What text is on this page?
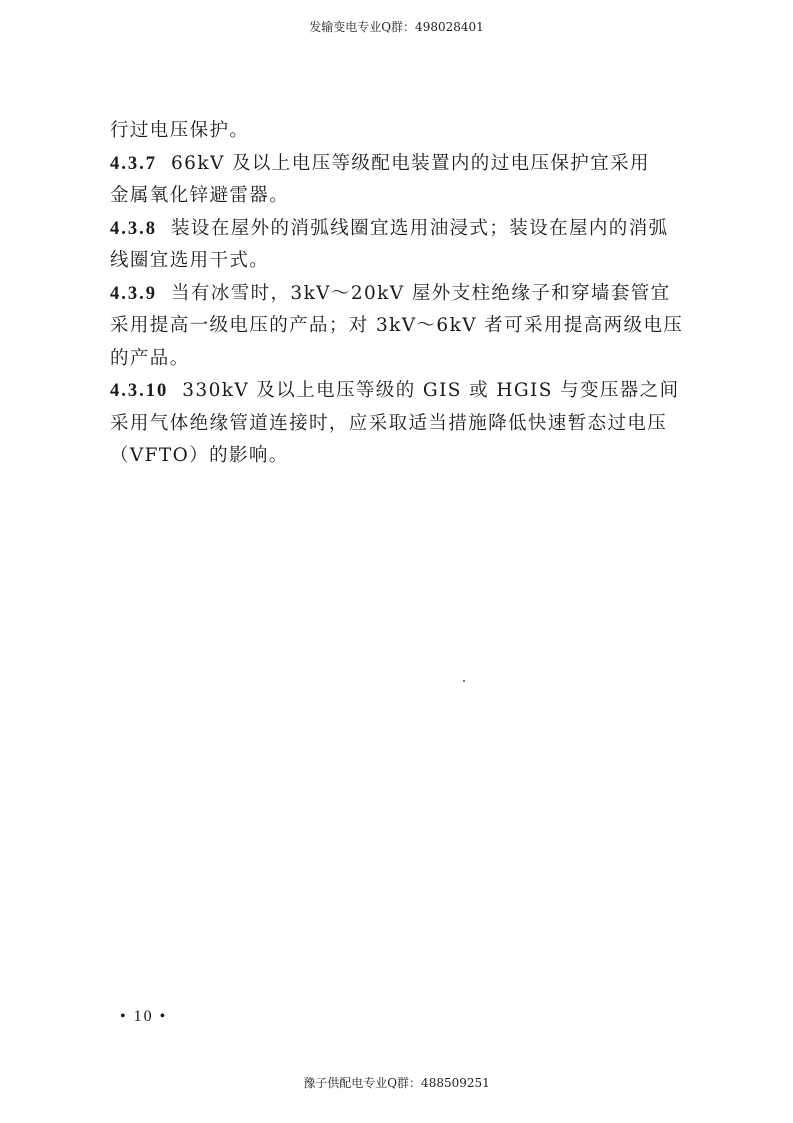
发输变电专业Q群：498028401
行过电压保护。
4.3.7 66kV 及以上电压等级配电装置内的过电压保护宜采用
金属氧化锌避雷器。
4.3.8 装设在屋外的消弧线圈宜选用油浸式；装设在屋内的消弧
线圈宜选用干式。
4.3.9 当有冰雪时，3kV～20kV 屋外支柱绝缘子和穿墙套管宜
采用提高一级电压的产品；对 3kV～6kV 者可采用提高两级电压
的产品。
4.3.10 330kV 及以上电压等级的 GIS 或 HGIS 与变压器之间
采用气体绝缘管道连接时，应采取适当措施降低快速暂态过电压
（VFTO）的影响。
• 10 •
豫子供配电专业Q群：488509251
